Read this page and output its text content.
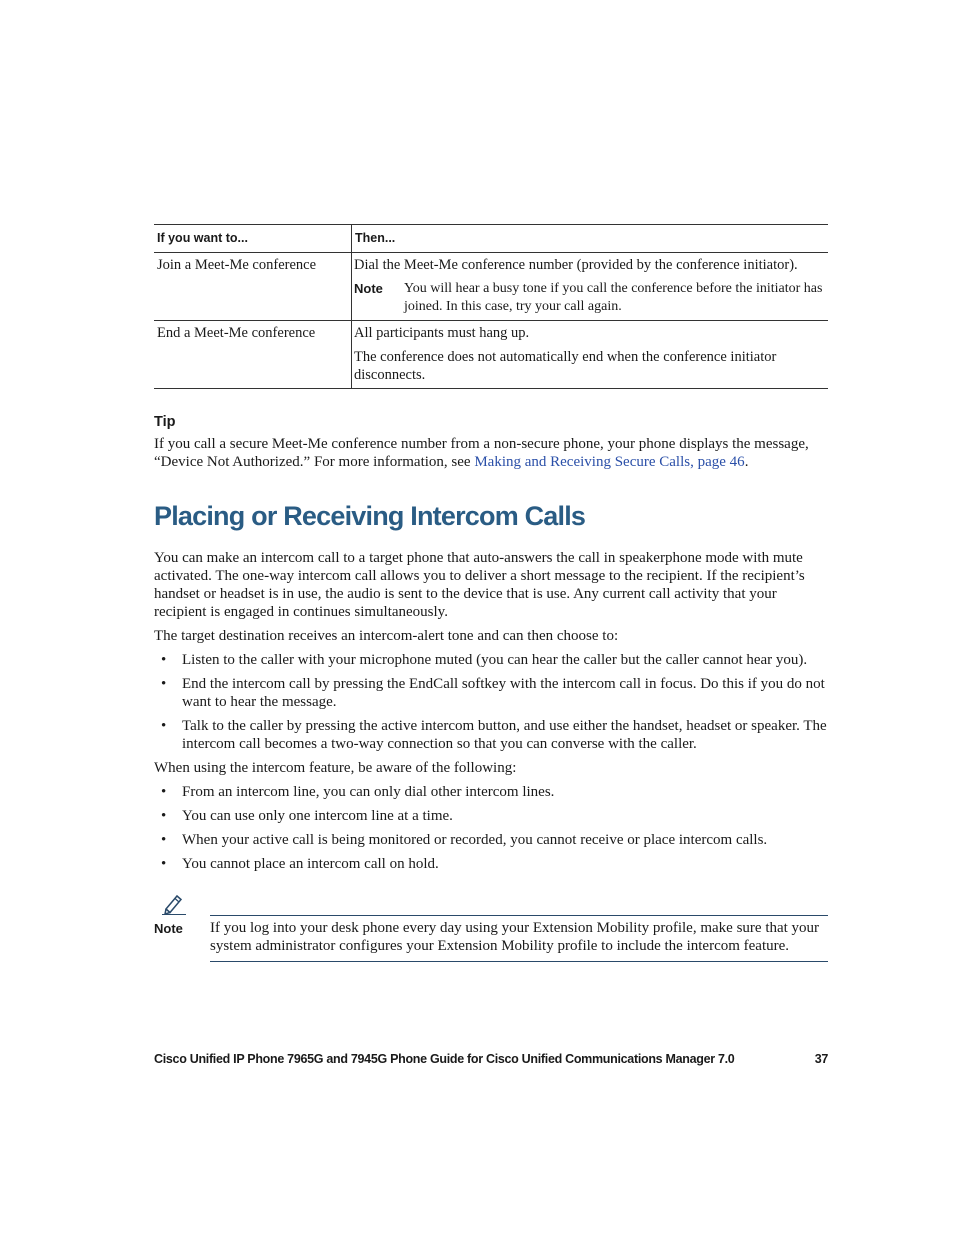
If you want to...	Then...
Join a Meet-Me conference	Dial the Meet-Me conference number (provided by the conference initiator).

Note You will hear a busy tone if you call the conference before the initiator has joined. In this case, try your call again.

End a Meet-Me conference	All participants must hang up.

The conference does not automatically end when the conference initiator disconnects.

Tip

If you call a secure Meet-Me conference number from a non-secure phone, your phone displays the message, “Device Not Authorized.” For more information, see Making and Receiving Secure Calls, page 46.

Placing or Receiving Intercom Calls

You can make an intercom call to a target phone that auto-answers the call in speakerphone mode with mute activated. The one-way intercom call allows you to deliver a short message to the recipient. If the recipient’s handset or headset is in use, the audio is sent to the device that is use. Any current call activity that your recipient is engaged in continues simultaneously.

The target destination receives an intercom-alert tone and can then choose to:

• Listen to the caller with your microphone muted (you can hear the caller but the caller cannot hear you).
• End the intercom call by pressing the EndCall softkey with the intercom call in focus. Do this if you do not want to hear the message.
• Talk to the caller by pressing the active intercom button, and use either the handset, headset or speaker. The intercom call becomes a two-way connection so that you can converse with the caller.

When using the intercom feature, be aware of the following:

• From an intercom line, you can only dial other intercom lines.
• You can use only one intercom line at a time.
• When your active call is being monitored or recorded, you cannot receive or place intercom calls.
• You cannot place an intercom call on hold.
Note If you log into your desk phone every day using your Extension Mobility profile, make sure that your system administrator configures your Extension Mobility profile to include the intercom feature.
Cisco Unified IP Phone 7965G and 7945G Phone Guide for Cisco Unified Communications Manager 7.0	37
